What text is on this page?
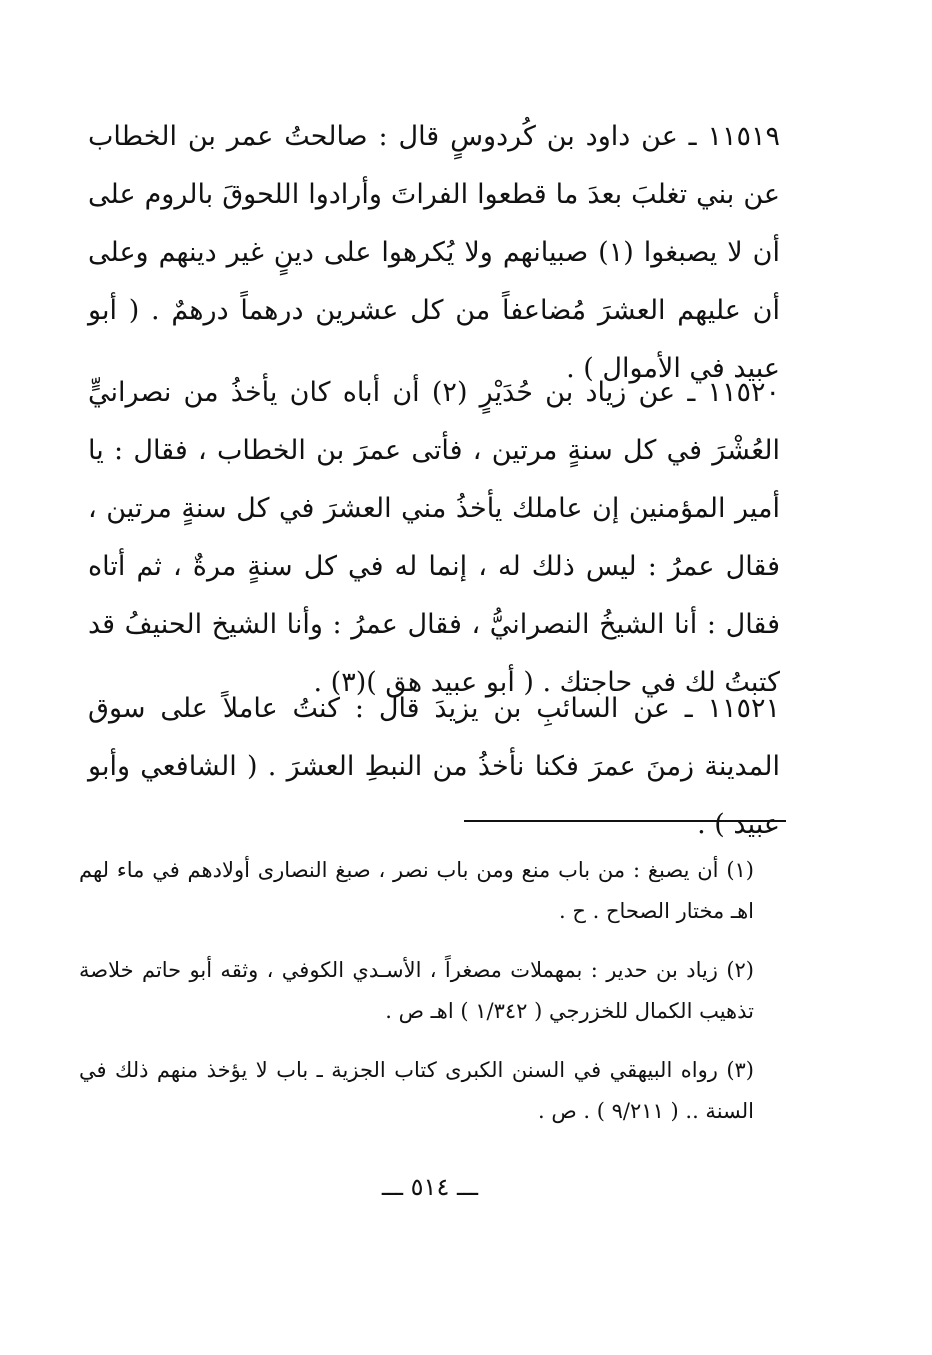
١١٥١٩ ـ عن داود بن كُردوسٍ قال : صالحتُ عمر بن الخطاب عن بني تغلبَ بعدَ ما قطعوا الفراتَ وأرادوا اللحوقَ بالروم على أن لا يصبغوا (١) صبيانهم ولا يُكرهوا على دينٍ غير دينهم وعلى أن عليهم العشرَ مُضاعفاً من كل عشرين درهماً درهمٌ . ( أبو عبيد في الأموال ) .

١١٥٢٠ ـ عن زياد بن حُدَيْرٍ (٢) أن أباه كان يأخذُ من نصرانيٍّ العُشْرَ في كل سنةٍ مرتين ، فأتى عمرَ بن الخطاب ، فقال : يا أمير المؤمنين إن عاملك يأخذُ مني العشرَ في كل سنةٍ مرتين ، فقال عمرُ : ليس ذلك له ، إنما له في كل سنةٍ مرةٌ ، ثم أتاه فقال : أنا الشيخُ النصرانيُّ ، فقال عمرُ : وأنا الشيخ الحنيفُ قد كتبتُ لك في حاجتك . ( أبو عبيد هق )(٣) .

١١٥٢١ ـ عن السائبِ بن يزيدَ قال : كنتُ عاملاً على سوق المدينة زمنَ عمرَ فكنا نأخذُ من النبطِ العشرَ . ( الشافعي وأبو عبيد ) .

(١) أن يصبغ : من باب منع ومن باب نصر ، صبغ النصارى أولادهم في ماء لهم اهـ مختار الصحاح . ح .

(٢) زياد بن حدير : بمهملات مصغراً ، الأسـدي الكوفي ، وثقه أبو حاتم خلاصة تذهيب الكمال للخزرجي ( ١/٣٤٢ ) اهـ ص .

(٣) رواه البيهقي في السنن الكبرى كتاب الجزية ـ باب لا يؤخذ منهم ذلك في السنة .. ( ٩/٢١١ ) . ص .

ـــ ٥١٤ ـــ
